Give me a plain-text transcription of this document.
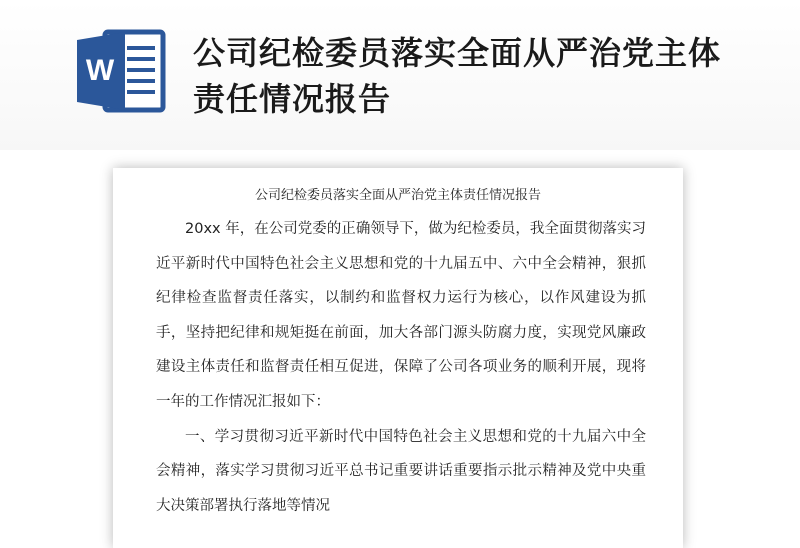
W 公司纪检委员落实全面从严治党主体责任情况报告
公司纪检委员落实全面从严治党主体责任情况报告

20xx 年，在公司党委的正确领导下，做为纪检委员，我全面贯彻落实习近平新时代中国特色社会主义思想和党的十九届五中、六中全会精神，狠抓纪律检查监督责任落实，以制约和监督权力运行为核心，以作风建设为抓手，坚持把纪律和规矩挺在前面，加大各部门源头防腐力度，实现党风廉政建设主体责任和监督责任相互促进，保障了公司各项业务的顺利开展，现将一年的工作情况汇报如下：

一、学习贯彻习近平新时代中国特色社会主义思想和党的十九届六中全会精神，落实学习贯彻习近平总书记重要讲话重要指示批示精神及党中央重大决策部署执行落地等情况
